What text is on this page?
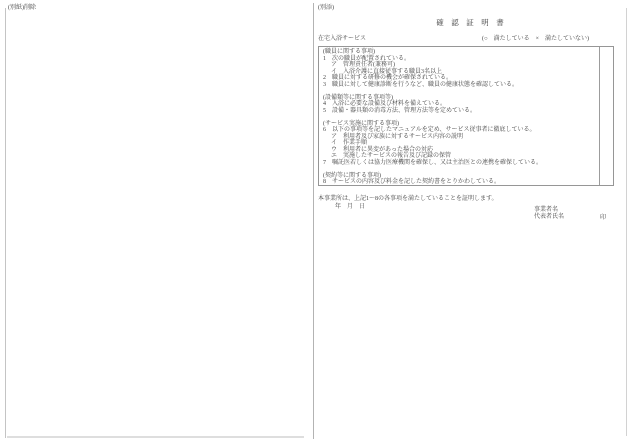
(別紙)削除	(別添)
確　認　証　明　書
在宅入浴サービス	(○　満たしている　×　満たしていない)
(職員に関する事項)
1　次の職員が配置されている。
ア　管理責任者(兼務可)
イ　入浴介護に直接従事する職員3名以上
2　職員に対する研修の機会が確保されている。
3　職員に対して健康診断を行うなど、職員の健康状態を確認している。

(設備類等に関する事項等)
4　入浴に必要な設備及び材料を備えている。
5　設備・器具類の消毒方法、管理方法等を定めている。

(サービス実施に関する事項)
6　以下の事項等を記したマニュアルを定め、サービス従事者に徹底している。
ア　利用者及び家族に対するサービス内容の説明
イ　作業手順
ウ　利用者に異変があった場合の対応
エ　実施したサービスの報告及び記録の保管
7　嘱託医若しくは協力医療機関を確保し、又は主治医との連携を確保している。

(契約等に関する事項)
8　サービスの内容及び料金を記した契約書をとりかわしている。
本事業所は、上記1〜8の各事項を満たしていることを証明します。
年　月　日	事業者名
代表者氏名	印
